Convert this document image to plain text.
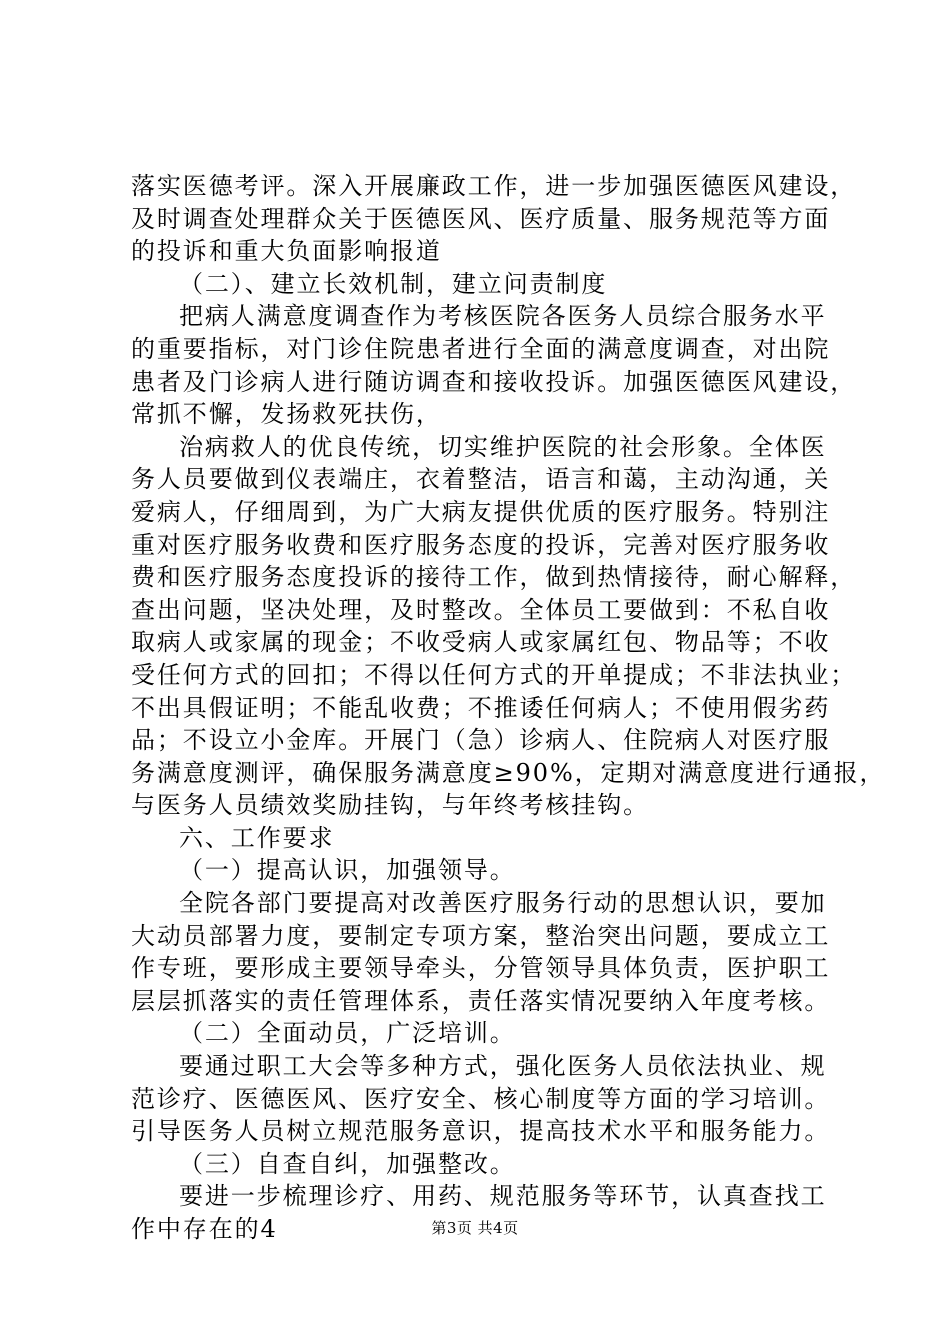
落实医德考评。深入开展廉政工作，进一步加强医德医风建设，
及时调查处理群众关于医德医风、医疗质量、服务规范等方面
的投诉和重大负面影响报道
（二）、建立长效机制，建立问责制度
把病人满意度调查作为考核医院各医务人员综合服务水平
的重要指标，对门诊住院患者进行全面的满意度调查，对出院
患者及门诊病人进行随访调查和接收投诉。加强医德医风建设，
常抓不懈，发扬救死扶伤，
治病救人的优良传统，切实维护医院的社会形象。全体医
务人员要做到仪表端庄，衣着整洁，语言和蔼，主动沟通，关
爱病人，仔细周到，为广大病友提供优质的医疗服务。特别注
重对医疗服务收费和医疗服务态度的投诉，完善对医疗服务收
费和医疗服务态度投诉的接待工作，做到热情接待，耐心解释，
查出问题，坚决处理，及时整改。全体员工要做到：不私自收
取病人或家属的现金；不收受病人或家属红包、物品等；不收
受任何方式的回扣；不得以任何方式的开单提成；不非法执业；
不出具假证明；不能乱收费；不推诿任何病人；不使用假劣药
品；不设立小金库。开展门（急）诊病人、住院病人对医疗服
务满意度测评，确保服务满意度≥90%，定期对满意度进行通报，
与医务人员绩效奖励挂钩，与年终考核挂钩。
六、工作要求
（一）提高认识，加强领导。
全院各部门要提高对改善医疗服务行动的思想认识，要加
大动员部署力度，要制定专项方案，整治突出问题，要成立工
作专班，要形成主要领导牵头，分管领导具体负责，医护职工
层层抓落实的责任管理体系，责任落实情况要纳入年度考核。
（二）全面动员，广泛培训。
要通过职工大会等多种方式，强化医务人员依法执业、规
范诊疗、医德医风、医疗安全、核心制度等方面的学习培训。
引导医务人员树立规范服务意识，提高技术水平和服务能力。
（三）自查自纠，加强整改。
要进一步梳理诊疗、用药、规范服务等环节，认真查找工
作中存在的4	第3页 共4页
